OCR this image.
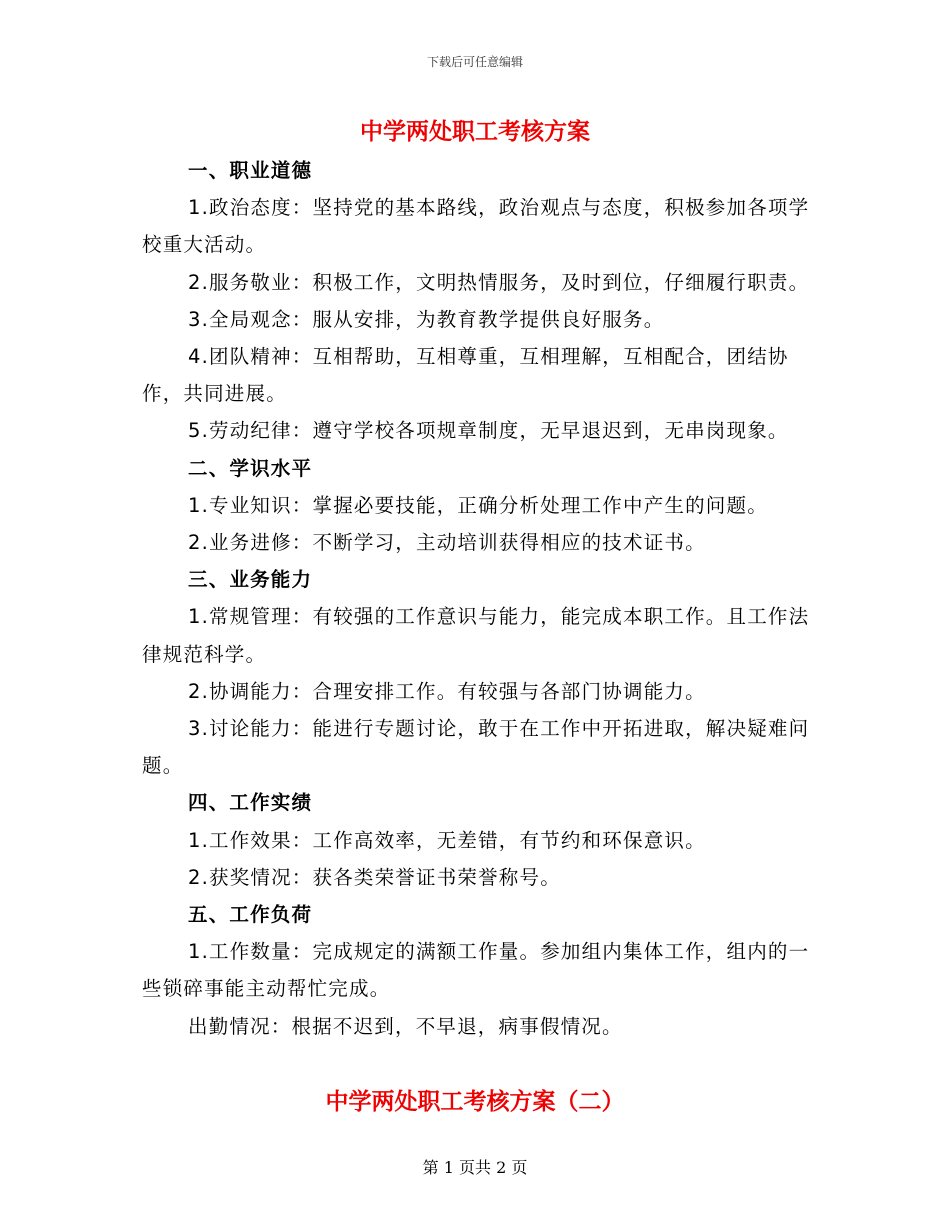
下载后可任意编辑
中学两处职工考核方案

一、职业道德

1.政治态度：坚持党的基本路线，政治观点与态度，积极参加各项学校重大活动。

2.服务敬业：积极工作，文明热情服务，及时到位，仔细履行职责。

3.全局观念：服从安排，为教育教学提供良好服务。

4.团队精神：互相帮助，互相尊重，互相理解，互相配合，团结协作，共同进展。

5.劳动纪律：遵守学校各项规章制度，无早退迟到，无串岗现象。

二、学识水平

1.专业知识：掌握必要技能，正确分析处理工作中产生的问题。

2.业务进修：不断学习，主动培训获得相应的技术证书。

三、业务能力

1.常规管理：有较强的工作意识与能力，能完成本职工作。且工作法律规范科学。

2.协调能力：合理安排工作。有较强与各部门协调能力。

3.讨论能力：能进行专题讨论，敢于在工作中开拓进取，解决疑难问题。

四、工作实绩

1.工作效果：工作高效率，无差错，有节约和环保意识。

2.获奖情况：获各类荣誉证书荣誉称号。

五、工作负荷

1.工作数量：完成规定的满额工作量。参加组内集体工作，组内的一些锁碎事能主动帮忙完成。

出勤情况：根据不迟到，不早退，病事假情况。

中学两处职工考核方案（二）
第 1 页共 2 页
